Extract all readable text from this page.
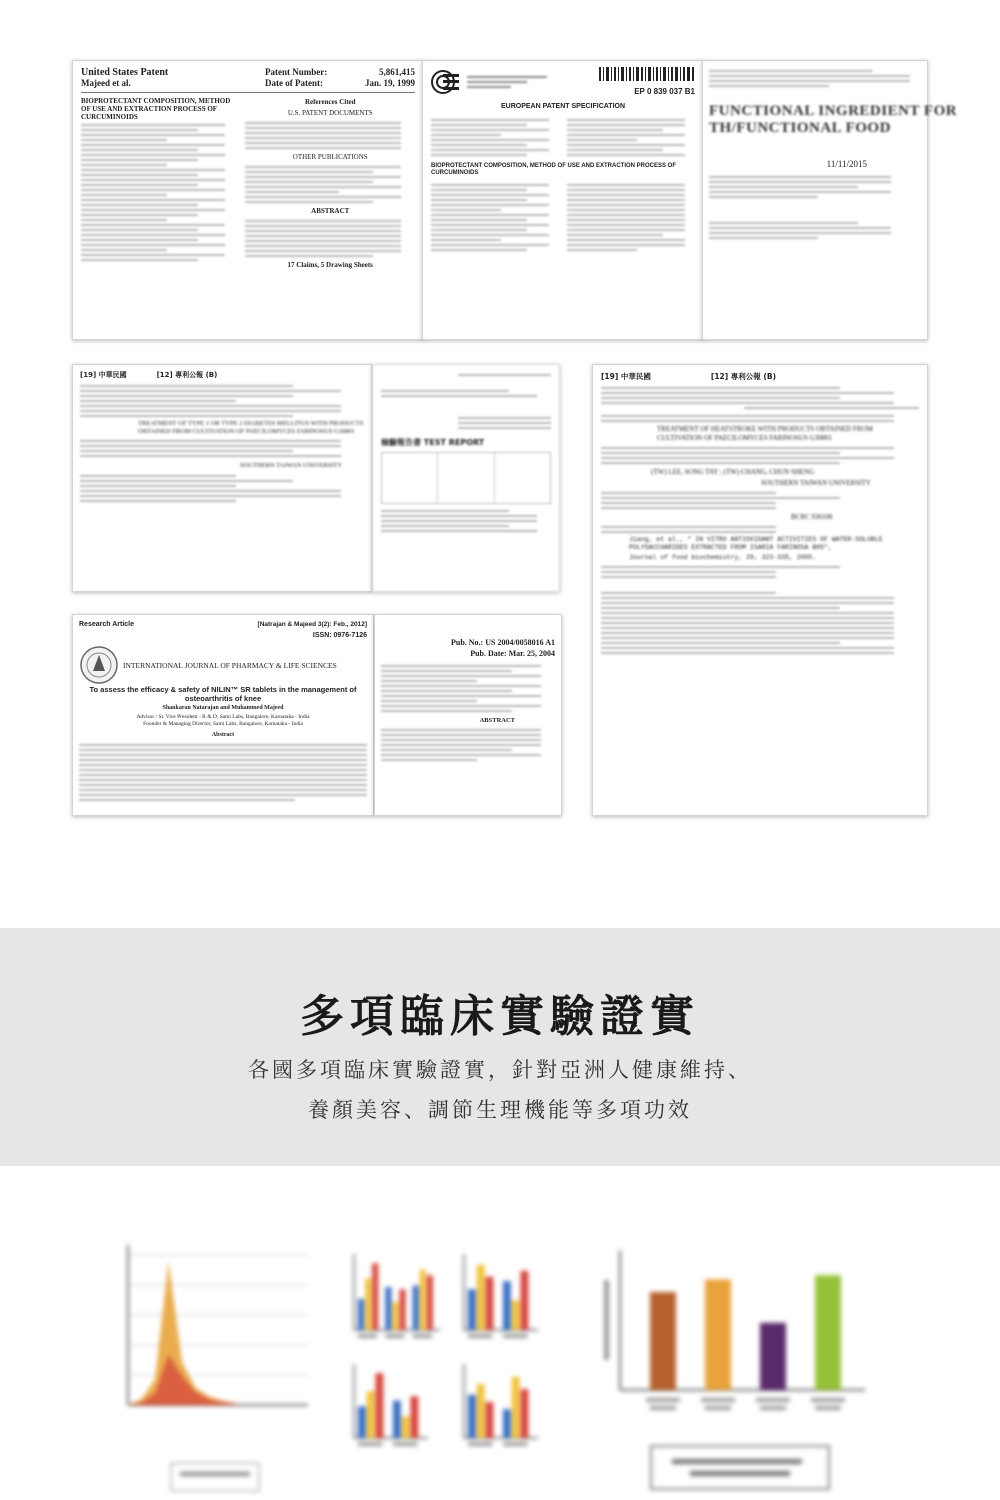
United States Patent
Majeed et al.
Patent Number:	5,861,415
Date of Patent:	Jan. 19, 1999
BIOPROTECTANT COMPOSITION, METHOD OF USE AND EXTRACTION PROCESS OF CURCUMINOIDS
References Cited
U.S. PATENT DOCUMENTS
OTHER PUBLICATIONS
ABSTRACT
17 Claims, 5 Drawing Sheets
EP 0 839 037 B1
EUROPEAN PATENT SPECIFICATION
BIOPROTECTANT COMPOSITION, METHOD OF USE AND EXTRACTION PROCESS OF CURCUMINOIDS
FUNCTIONAL INGREDIENT FOR
TH/FUNCTIONAL FOOD
11/11/2015
[19] 中華民國	[12] 專利公報 (B)
TREATMENT OF TYPE 1 OR TYPE 2 DIABETES MELLITUS WITH PRODUCTS OBTAINED FROM CULTIVATION OF PAECILOMYCES FARINOSUS G30801
SOUTHERN TAIWAN UNIVERSITY
檢驗報告書 TEST REPORT
[19] 中華民國	[12] 專利公報 (B)
TREATMENT OF HEATSTROKE WITH PRODUCTS OBTAINED FROM CULTIVATION OF PAECILOMYCES FARINOSUS G30801
(TW) LEE, SONG TAY ; (TW) CHANG, CHUN SHENG
SOUTHERN TAIWAN UNIVERSITY
BCRC 930108
Jiang, et al., " IN VITRO ANTIOXIDANT ACTIVITIES OF WATER-SOLUBLE POLYSACCHARIDES EXTRACTED FROM ISARIA FARINOSA B05",
Journal of food biochemistry, 29, 323-335, 2005.
Research Article	[Natrajan & Majeed 3(2): Feb., 2012]
ISSN: 0976-7126
INTERNATIONAL JOURNAL OF PHARMACY & LIFE SCIENCES
To assess the efficacy & safety of NILIN™ SR tablets in the management of osteoarthritis of knee
Shankaran Natarajan and Muhammed Majeed
Advisor / Sr. Vice President - R & D, Sami Labs, Bangalore, Karnataka - India
Founder & Managing Director, Sami Labs, Bangalore, Karnataka - India
Abstract
Pub. No.: US 2004/0058016 A1
Pub. Date: Mar. 25, 2004
ABSTRACT
多項臨床實驗證實
各國多項臨床實驗證實，針對亞洲人健康維持、
養顏美容、調節生理機能等多項功效
